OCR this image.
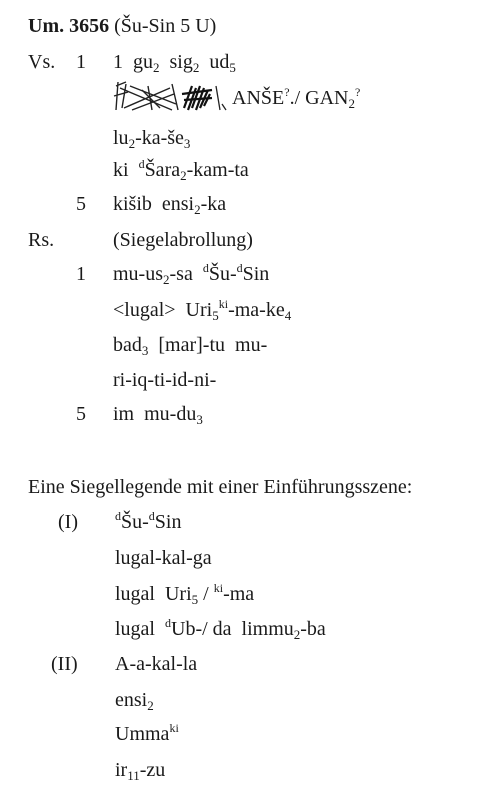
Um. 3656 (Šu-Sin 5 U)
Vs. 1 1  $gu_2$  sig$_2$  $ud_5$
ANŠE?./ $GAN_2^?$
$lu_2-ka-še_3$
ki  $^d$Šara$_2$-kam-ta
5 kišib  ensi$_2$-ka
Rs.	(Siegelabrollung)
1 $mu-us_2-sa$  $^d$Šu-$^d$Sin
<lugal>  $Uri_5^{ki}-ma-ke_4$
bad$_3$  [mar]-tu  mu-
ri-iq-ti-id-ni-
5 im  $mu-du_3$
Eine Siegellegende mit einer Einführungsszene:
(I)	$^d$Šu-$^d$Sin
lugal-kal-ga
lugal  Uri$_5$ / $^{ki}$-ma
lugal  $^d$Ub-/ da  limmu$_2$-ba
(II) A-a-kal-la
ensi$_2$
Umma$^{ki}$
$ir_{11}-zu$
